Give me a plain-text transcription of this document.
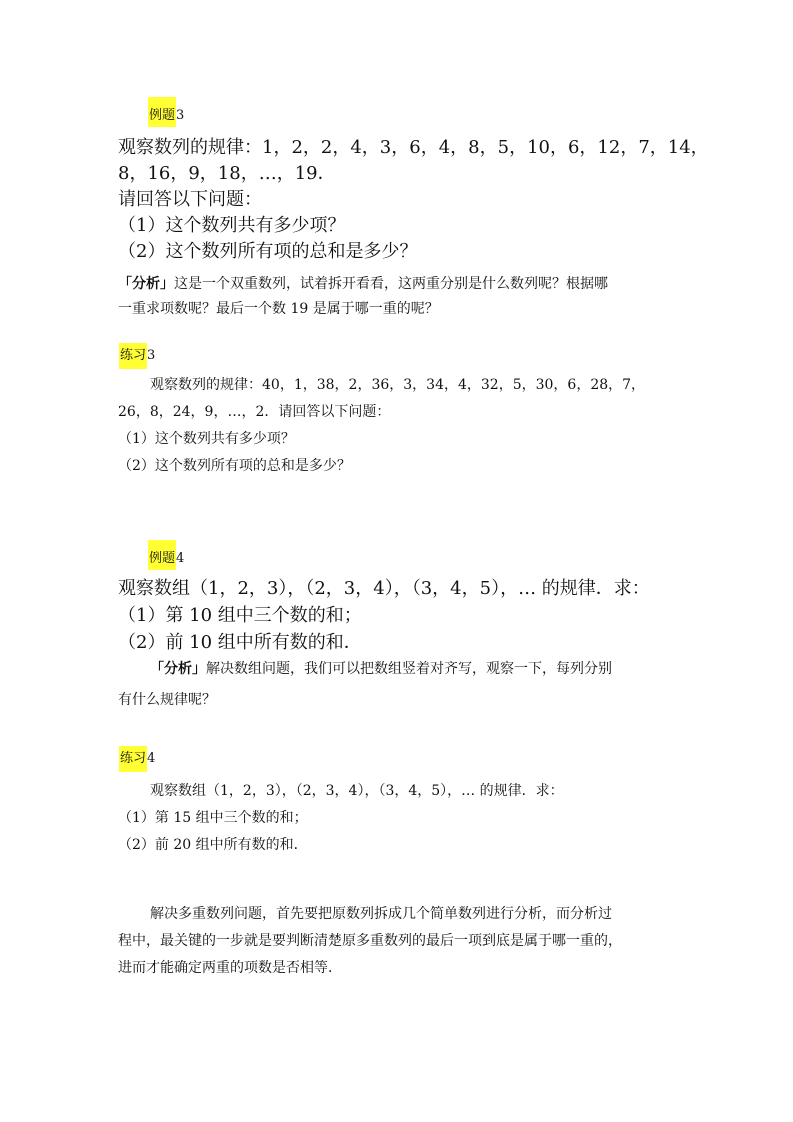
例题3
观察数列的规律：1，2，2，4，3，6，4，8，5，10，6，12，7，14，
8，16，9，18，…，19．
请回答以下问题：
（1）这个数列共有多少项？
（2）这个数列所有项的总和是多少？
「分析」这是一个双重数列，试着拆开看看，这两重分别是什么数列呢？根据哪
一重求项数呢？最后一个数 19 是属于哪一重的呢？
练习3
观察数列的规律：40，1，38，2，36，3，34，4，32，5，30，6，28，7，
26，8，24，9，…，2．请回答以下问题：
（1）这个数列共有多少项？
（2）这个数列所有项的总和是多少？
例题4
观察数组（1，2，3），（2，3，4），（3，4，5），… 的规律．求：
（1）第 10 组中三个数的和；
（2）前 10 组中所有数的和．
「分析」解决数组问题，我们可以把数组竖着对齐写，观察一下，每列分别
有什么规律呢？
练习4
观察数组（1，2，3），（2，3，4），（3，4，5），… 的规律．求：
（1）第 15 组中三个数的和；
（2）前 20 组中所有数的和．
解决多重数列问题，首先要把原数列拆成几个简单数列进行分析，而分析过
程中，最关键的一步就是要判断清楚原多重数列的最后一项到底是属于哪一重的，
进而才能确定两重的项数是否相等．
